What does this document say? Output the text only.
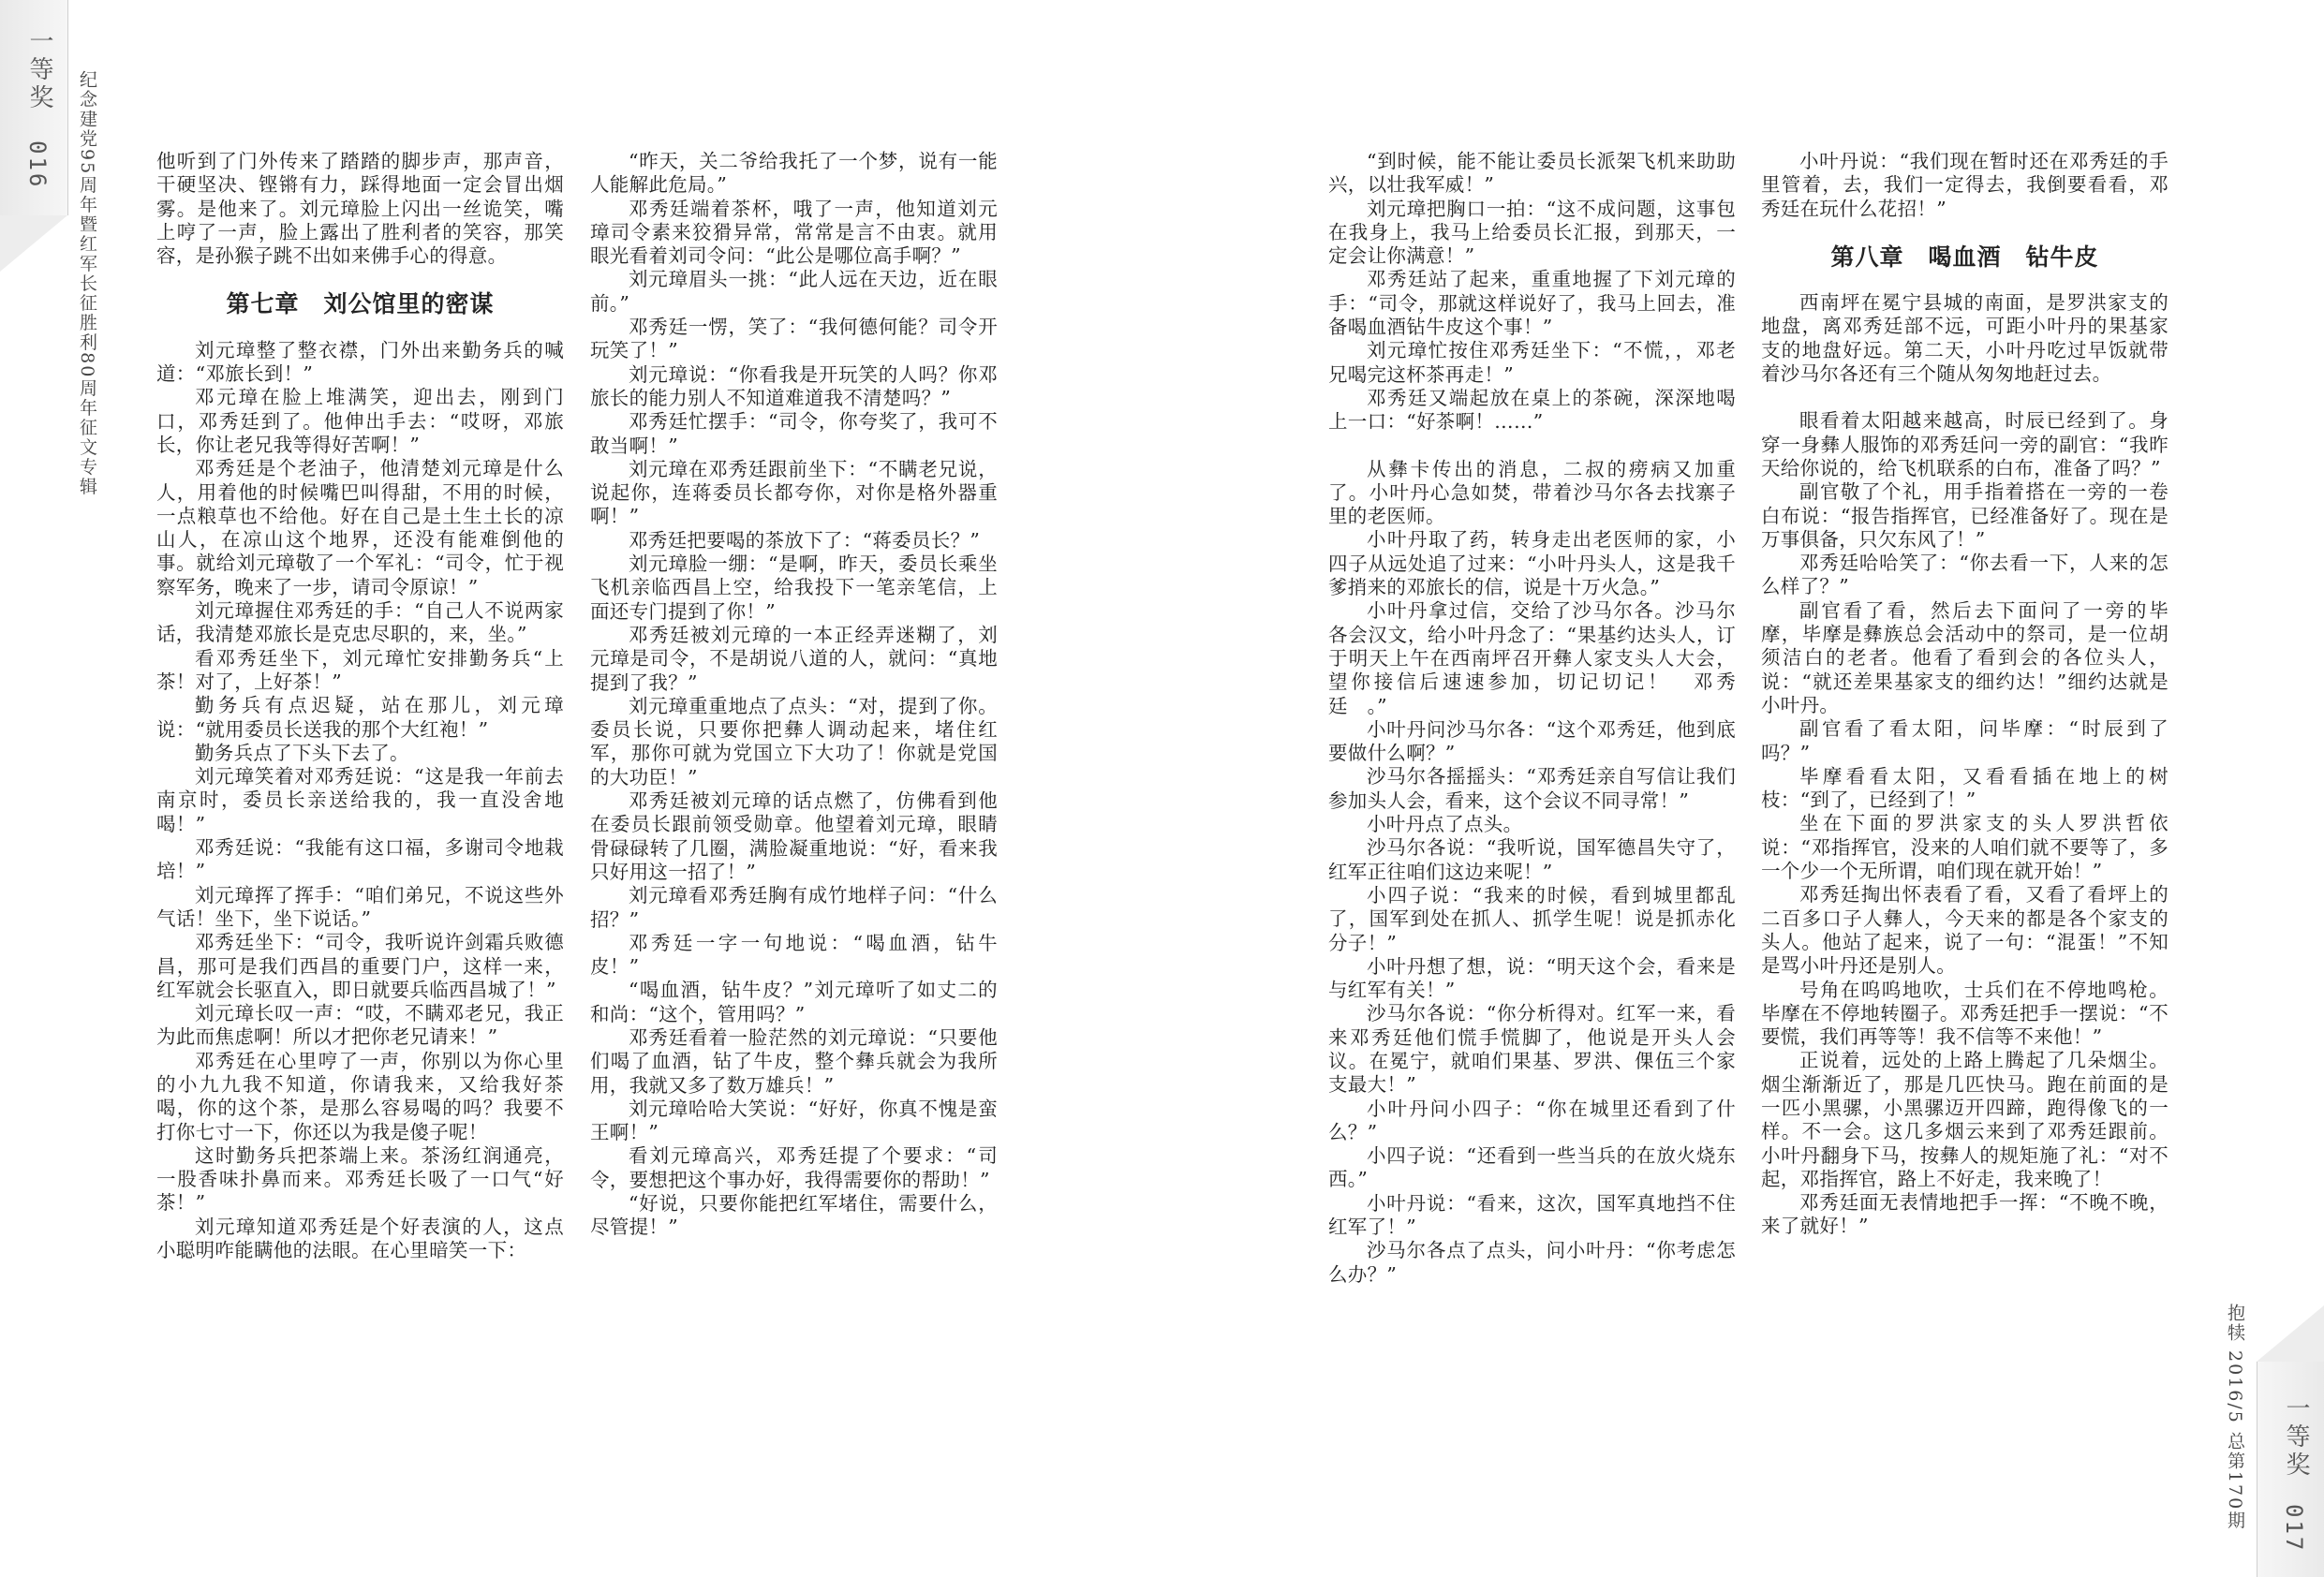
一等奖
016 纪念建党95周年暨红军长征胜利80周年征文专辑	他听到了门外传来了踏踏的脚步声，那声音，干硬坚决、铿锵有力，踩得地面一定会冒出烟雾。是他来了。刘元璋脸上闪出一丝诡笑，嘴上哼了一声，脸上露出了胜利者的笑容，那笑容，是孙猴子跳不出如来佛手心的得意。

第七章　刘公馆里的密谋

刘元璋整了整衣襟，门外出来勤务兵的喊道：“邓旅长到！”

邓元璋在脸上堆满笑，迎出去，刚到门口，邓秀廷到了。他伸出手去：“哎呀，邓旅长，你让老兄我等得好苦啊！”

邓秀廷是个老油子，他清楚刘元璋是什么人，用着他的时候嘴巴叫得甜，不用的时候，一点粮草也不给他。好在自己是土生土长的凉山人，在凉山这个地界，还没有能难倒他的事。就给刘元璋敬了一个军礼：“司令，忙于视察军务，晚来了一步，请司令原谅！”

刘元璋握住邓秀廷的手：“自己人不说两家话，我清楚邓旅长是克忠尽职的，来，坐。”

看邓秀廷坐下，刘元璋忙安排勤务兵“上茶！对了，上好茶！”

勤务兵有点迟疑，站在那儿，刘元璋说：“就用委员长送我的那个大红袍！”

勤务兵点了下头下去了。

刘元璋笑着对邓秀廷说：“这是我一年前去南京时，委员长亲送给我的，我一直没舍地喝！”

邓秀廷说：“我能有这口福，多谢司令地栽培！”

刘元璋挥了挥手：“咱们弟兄，不说这些外气话！坐下，坐下说话。”

邓秀廷坐下：“司令，我听说许剑霜兵败德昌，那可是我们西昌的重要门户，这样一来，红军就会长驱直入，即日就要兵临西昌城了！”

刘元璋长叹一声：“哎，不瞒邓老兄，我正为此而焦虑啊！所以才把你老兄请来！”

邓秀廷在心里哼了一声，你别以为你心里的小九九我不知道，你请我来，又给我好茶喝，你的这个茶，是那么容易喝的吗？我要不打你七寸一下，你还以为我是傻子呢！

这时勤务兵把茶端上来。茶汤红润通亮，一股香味扑鼻而来。邓秀廷长吸了一口气“好茶！”

刘元璋知道邓秀廷是个好表演的人，这点小聪明咋能瞒他的法眼。在心里暗笑一下：

“昨天，关二爷给我托了一个梦，说有一能人能解此危局。”

邓秀廷端着茶杯，哦了一声，他知道刘元璋司令素来狡猾异常，常常是言不由衷。就用眼光看着刘司令问：“此公是哪位高手啊？”

刘元璋眉头一挑：“此人远在天边，近在眼前。”

邓秀廷一愣，笑了：“我何德何能？司令开玩笑了！”

刘元璋说：“你看我是开玩笑的人吗？你邓旅长的能力别人不知道难道我不清楚吗？”

邓秀廷忙摆手：“司令，你夸奖了，我可不敢当啊！”

刘元璋在邓秀廷跟前坐下：“不瞒老兄说，说起你，连蒋委员长都夸你，对你是格外器重啊！”

邓秀廷把要喝的茶放下了：“蒋委员长？”

刘元璋脸一绷：“是啊，昨天，委员长乘坐飞机亲临西昌上空，给我投下一笔亲笔信，上面还专门提到了你！”

邓秀廷被刘元璋的一本正经弄迷糊了，刘元璋是司令，不是胡说八道的人，就问：“真地提到了我？”

刘元璋重重地点了点头：“对，提到了你。委员长说，只要你把彝人调动起来，堵住红军，那你可就为党国立下大功了！你就是党国的大功臣！”

邓秀廷被刘元璋的话点燃了，仿佛看到他在委员长跟前领受勋章。他望着刘元璋，眼睛骨碌碌转了几圈，满脸凝重地说：“好，看来我只好用这一招了！”

刘元璋看邓秀廷胸有成竹地样子问：“什么招？”

邓秀廷一字一句地说：“喝血酒，钻牛皮！”

“喝血酒，钻牛皮？”刘元璋听了如丈二的和尚：“这个，管用吗？”

邓秀廷看着一脸茫然的刘元璋说：“只要他们喝了血酒，钻了牛皮，整个彝兵就会为我所用，我就又多了数万雄兵！”

刘元璋哈哈大笑说：“好好，你真不愧是蛮王啊！”

看刘元璋高兴，邓秀廷提了个要求：“司令，要想把这个事办好，我得需要你的帮助！”

“好说，只要你能把红军堵住，需要什么，尽管提！”

“到时候，能不能让委员长派架飞机来助助兴，以壮我军威！”

刘元璋把胸口一拍：“这不成问题，这事包在我身上，我马上给委员长汇报，到那天，一定会让你满意！”

邓秀廷站了起来，重重地握了下刘元璋的手：“司令，那就这样说好了，我马上回去，准备喝血酒钻牛皮这个事！”

刘元璋忙按住邓秀廷坐下：“不慌，，邓老兄喝完这杯茶再走！”

邓秀廷又端起放在桌上的茶碗，深深地喝上一口：“好茶啊！……”

从彝卡传出的消息，二叔的痨病又加重了。小叶丹心急如焚，带着沙马尔各去找寨子里的老医师。

小叶丹取了药，转身走出老医师的家，小四子从远处追了过来：“小叶丹头人，这是我千爹捎来的邓旅长的信，说是十万火急。”

小叶丹拿过信，交给了沙马尔各。沙马尔各会汉文，给小叶丹念了：“果基约达头人，订于明天上午在西南坪召开彝人家支头人大会，望你接信后速速参加，切记切记！　邓秀廷　。”

小叶丹问沙马尔各：“这个邓秀廷，他到底要做什么啊？”

沙马尔各摇摇头：“邓秀廷亲自写信让我们参加头人会，看来，这个会议不同寻常！”

小叶丹点了点头。

沙马尔各说：“我听说，国军德昌失守了，红军正往咱们这边来呢！”

小四子说：“我来的时候，看到城里都乱了，国军到处在抓人、抓学生呢！说是抓赤化分子！”

小叶丹想了想，说：“明天这个会，看来是与红军有关！”

沙马尔各说：“你分析得对。红军一来，看来邓秀廷他们慌手慌脚了，他说是开头人会议。在冕宁，就咱们果基、罗洪、倮伍三个家支最大！”

小叶丹问小四子：“你在城里还看到了什么？”

小四子说：“还看到一些当兵的在放火烧东西。”

小叶丹说：“看来，这次，国军真地挡不住红军了！”

沙马尔各点了点头，问小叶丹：“你考虑怎么办？”

小叶丹说：“我们现在暂时还在邓秀廷的手里管着，去，我们一定得去，我倒要看看，邓秀廷在玩什么花招！”

第八章　喝血酒　钻牛皮

西南坪在冕宁县城的南面，是罗洪家支的地盘，离邓秀廷部不远，可距小叶丹的果基家支的地盘好远。第二天，小叶丹吃过早饭就带着沙马尔各还有三个随从匆匆地赶过去。

眼看着太阳越来越高，时辰已经到了。身穿一身彝人服饰的邓秀廷问一旁的副官：“我昨天给你说的，给飞机联系的白布，准备了吗？”

副官敬了个礼，用手指着搭在一旁的一卷白布说：“报告指挥官，已经准备好了。现在是万事俱备，只欠东风了！”

邓秀廷哈哈笑了：“你去看一下，人来的怎么样了？”

副官看了看，然后去下面问了一旁的毕摩，毕摩是彝族总会活动中的祭司，是一位胡须洁白的老者。他看了看到会的各位头人，说：“就还差果基家支的细约达！”细约达就是小叶丹。

副官看了看太阳，问毕摩：“时辰到了吗？”

毕摩看看太阳，又看看插在地上的树枝：“到了，已经到了！”

坐在下面的罗洪家支的头人罗洪哲依说：“邓指挥官，没来的人咱们就不要等了，多一个少一个无所谓，咱们现在就开始！”

邓秀廷掏出怀表看了看，又看了看坪上的二百多口子人彝人，今天来的都是各个家支的头人。他站了起来，说了一句：“混蛋！”不知是骂小叶丹还是别人。

号角在呜呜地吹，士兵们在不停地鸣枪。毕摩在不停地转圈子。邓秀廷把手一摆说：“不要慌，我们再等等！我不信等不来他！”

正说着，远处的上路上腾起了几朵烟尘。烟尘渐渐近了，那是几匹快马。跑在前面的是一匹小黑骡，小黑骡迈开四蹄，跑得像飞的一样。不一会。这几多烟云来到了邓秀廷跟前。小叶丹翻身下马，按彝人的规矩施了礼：“对不起，邓指挥官，路上不好走，我来晚了！

邓秀廷面无表情地把手一挥：“不晚不晚，来了就好！”

抱犊 2016/5 总第170期 一等奖
017
